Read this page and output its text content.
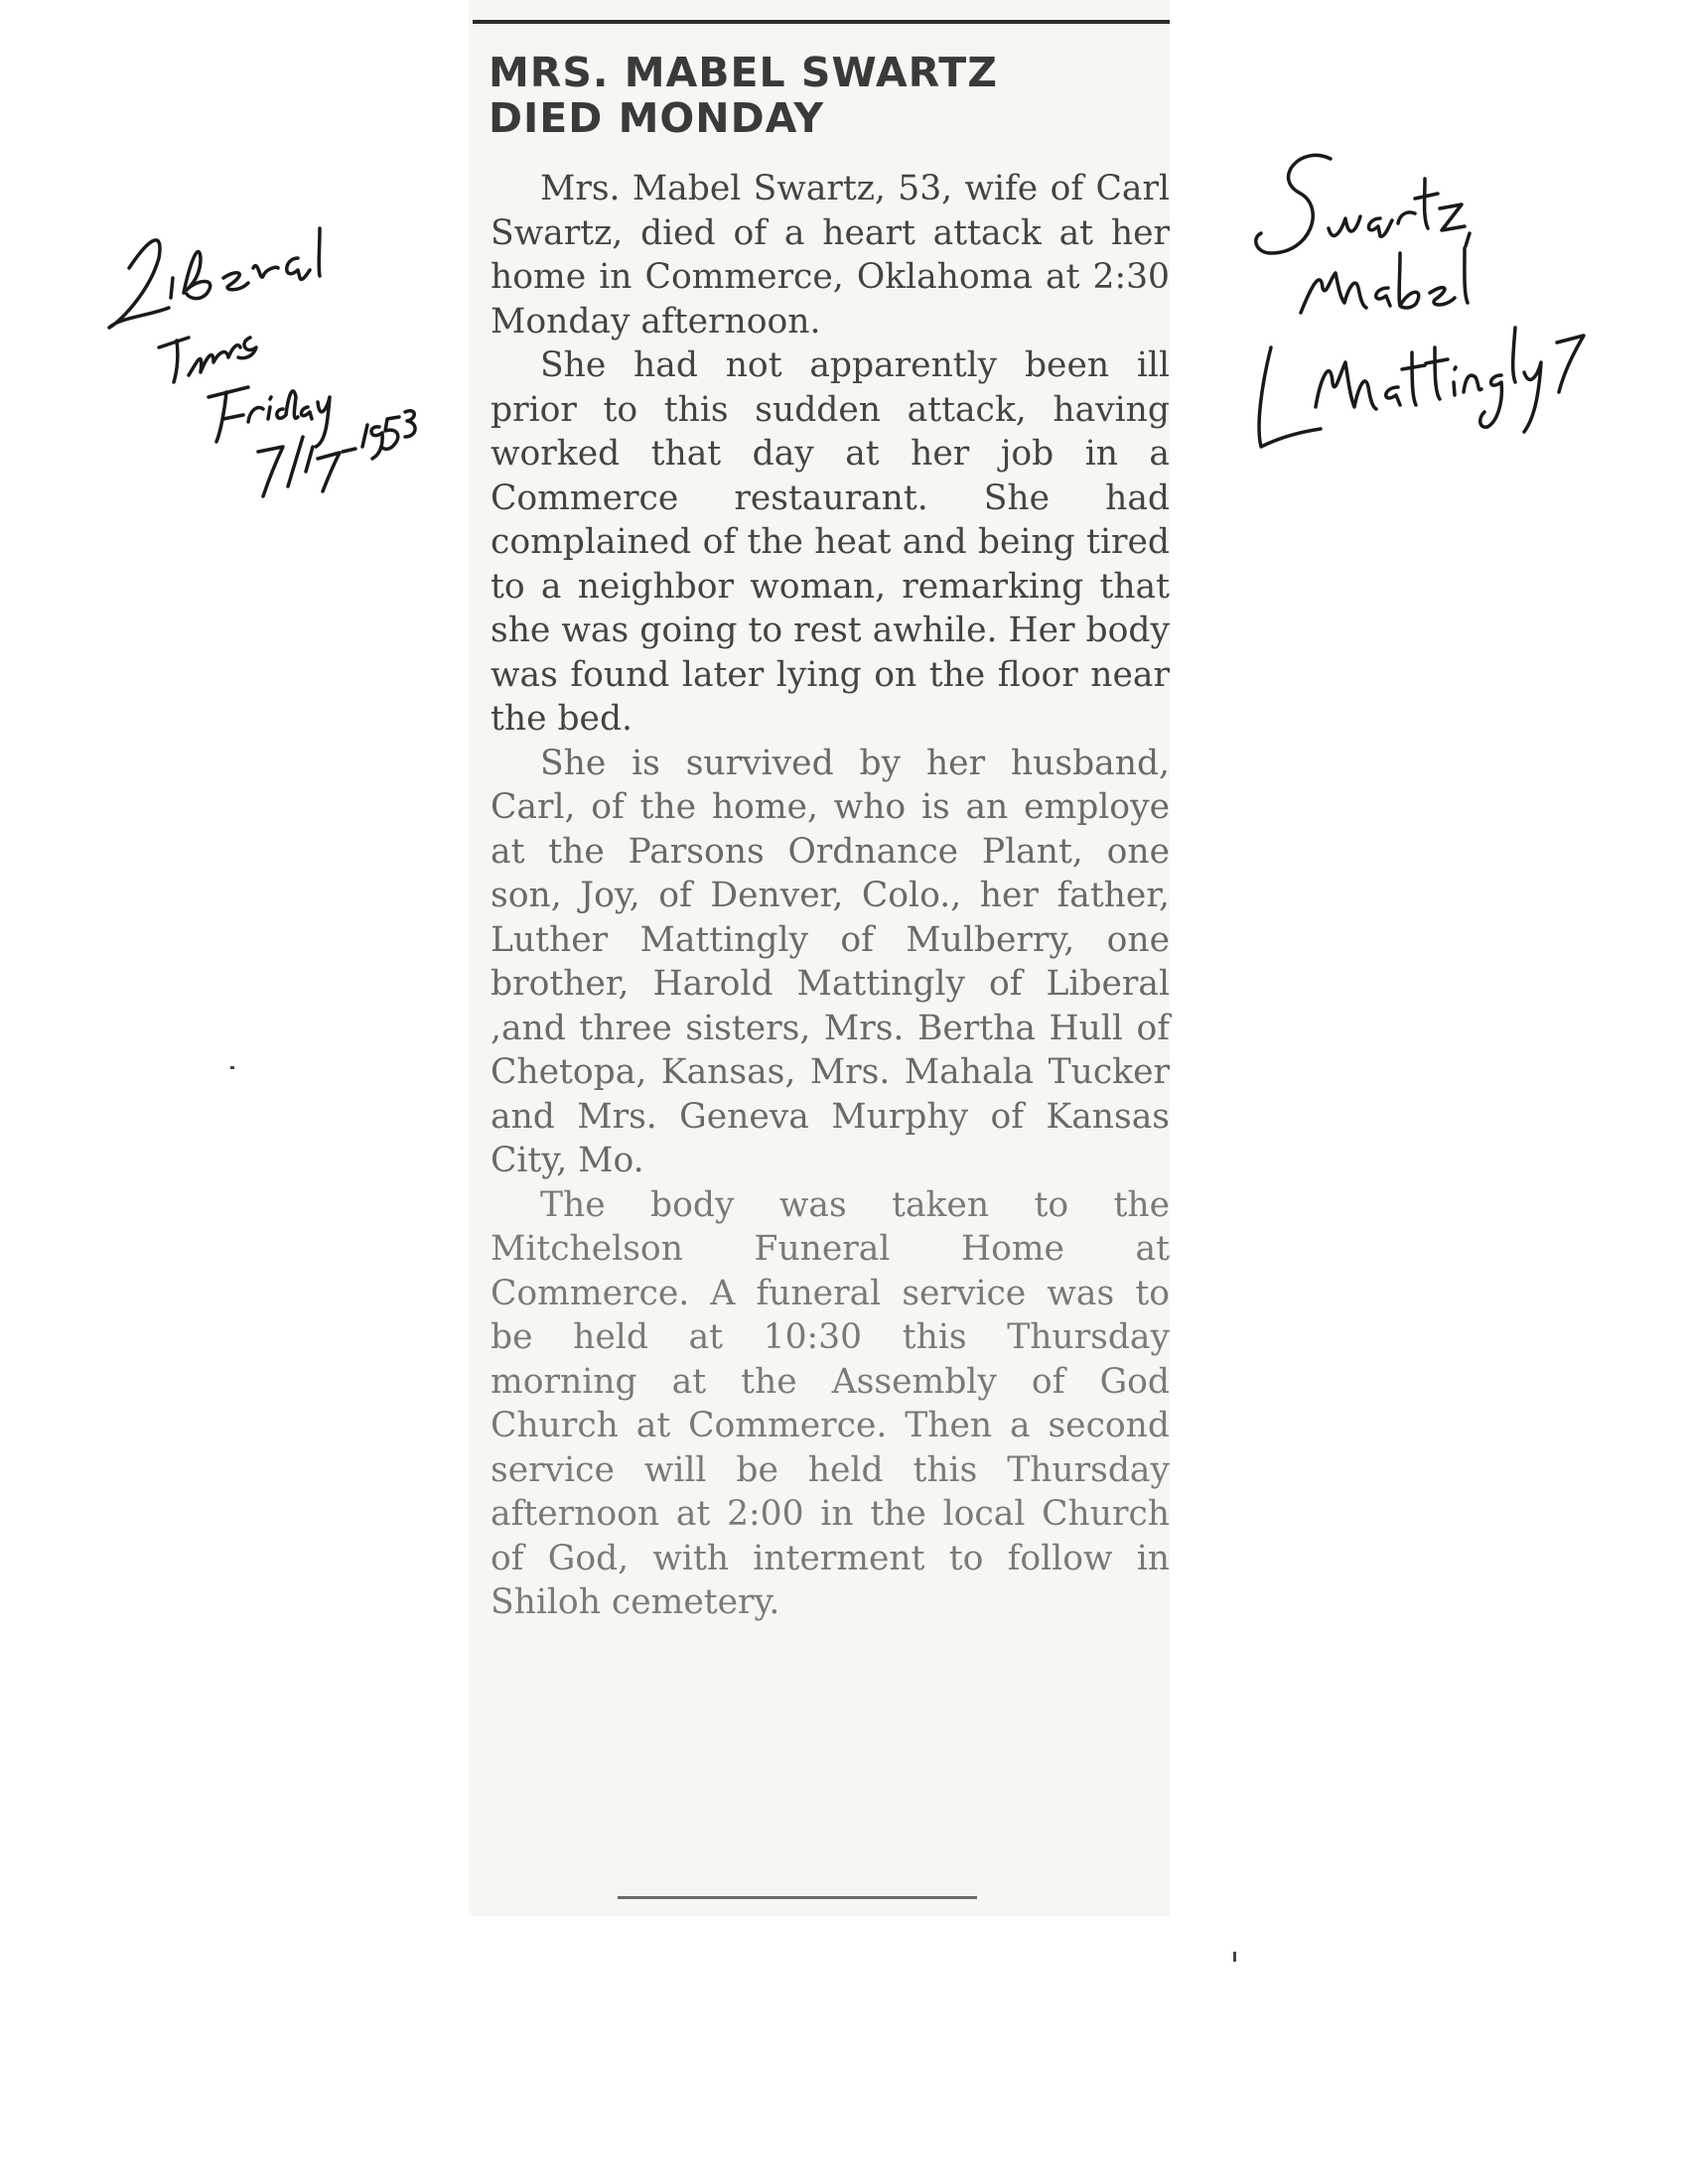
MRS. MABEL SWARTZ
DIED MONDAY

Mrs. Mabel Swartz, 53, wife of Carl Swartz, died of a heart attack at her home in Commerce, Oklahoma at 2:30 Monday afternoon.

She had not apparently been ill prior to this sudden attack, having worked that day at her job in a Commerce restaurant. She had complained of the heat and being tired to a neighbor woman, remarking that she was going to rest awhile. Her body was found later lying on the floor near the bed.

She is survived by her husband, Carl, of the home, who is an employe at the Parsons Ordnance Plant, one son, Joy, of Denver, Colo., her father, Luther Mattingly of Mulberry, one brother, Harold Mattingly of Liberal ,and three sisters, Mrs. Bertha Hull of Chetopa, Kansas, Mrs. Mahala Tucker and Mrs. Geneva Murphy of Kansas City, Mo.

The body was taken to the Mitchelson Funeral Home at Commerce. A funeral service was to be held at 10:30 this Thursday morning at the Assembly of God Church at Commerce. Then a second service will be held this Thursday afternoon at 2:00 in the local Church of God, with interment to follow in Shiloh cemetery.
